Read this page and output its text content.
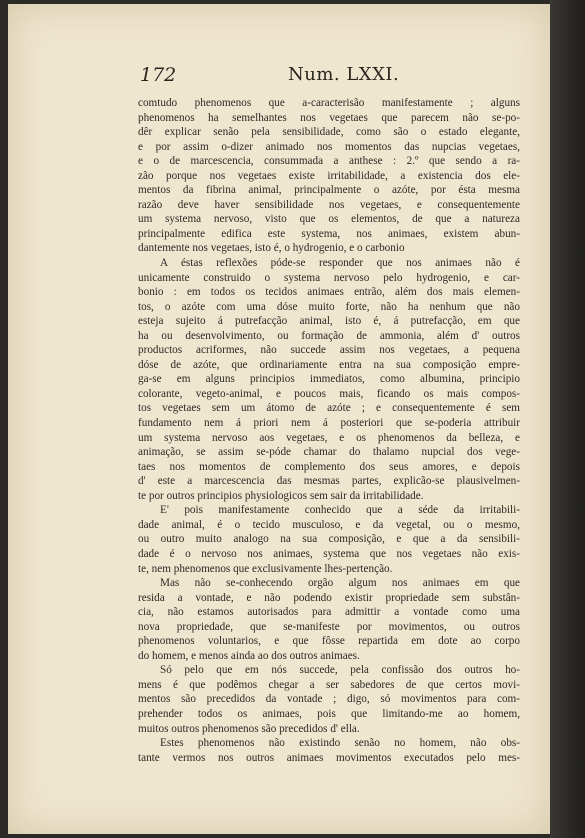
172	Num. LXXI.
comtudo phenomenos que a-caracterisão manifestamente ; alguns
phenomenos ha semelhantes nos vegetaes que parecem não se-po-
dêr explicar senão pela sensibilidade, como são o estado elegante,
e por assim o-dizer animado nos momentos das nupcias vegetaes,
e o de marcescencia, consummada a anthese : 2.º que sendo a ra-
zão porque nos vegetaes existe irritabilidade, a existencia dos ele-
mentos da fibrina animal, principalmente o azóte, por ésta mesma
razão deve haver sensibilidade nos vegetaes, e consequentemente
um systema nervoso, visto que os elementos, de que a natureza
principalmente edifica este systema, nos animaes, existem abun-
dantemente nos vegetaes, isto é, o hydrogenio, e o carbonio
A éstas reflexões póde-se responder que nos animaes não é
unicamente construido o systema nervoso pelo hydrogenio, e car-
bonio : em todos os tecidos animaes entrão, além dos mais elemen-
tos, o azóte com uma dóse muito forte, não ha nenhum que não
esteja sujeito á putrefacção animal, isto é, á putrefacção, em que
ha ou desenvolvimento, ou formação de ammonia, além d' outros
productos acriformes, não succede assim nos vegetaes, a pequena
dóse de azóte, que ordinariamente entra na sua composição empre-
ga-se em alguns principios immediatos, como albumina, principio
colorante, vegeto-animal, e poucos mais, ficando os mais compos-
tos vegetaes sem um átomo de azóte ; e consequentemente é sem
fundamento nem á priori nem á posteriori que se-poderia attribuir
um systema nervoso aos vegetaes, e os phenomenos da belleza, e
animação, se assim se-póde chamar do thalamo nupcial dos vege-
taes nos momentos de complemento dos seus amores, e depois
d' este a marcescencia das mesmas partes, explicão-se plausivelmen-
te por outros principios physiologicos sem sair da irritabilidade.
E' pois manifestamente conhecido que a séde da irritabili-
dade animal, é o tecido musculoso, e da vegetal, ou o mesmo,
ou outro muito analogo na sua composição, e que a da sensibili-
dade é o nervoso nos animaes, systema que nos vegetaes não exis-
te, nem phenomenos que exclusivamente lhes-pertenção.
Mas não se-conhecendo orgão algum nos animaes em que
resida a vontade, e não podendo existir propriedade sem substân-
cia, não estamos autorisados para admittir a vontade como uma
nova propriedade, que se-manifeste por movimentos, ou outros
phenomenos voluntarios, e que fôsse repartida em dote ao corpo
do homem, e menos ainda ao dos outros animaes.
Só pelo que em nós succede, pela confissão dos outros ho-
mens é que podêmos chegar a ser sabedores de que certos movi-
mentos são precedidos da vontade ; digo, só movimentos para com-
prehender todos os animaes, pois que limitando-me ao homem,
muitos outros phenomenos são precedidos d' ella.
Estes phenomenos não existindo senão no homem, não obs-
tante vermos nos outros animaes movimentos executados pelo mes-
